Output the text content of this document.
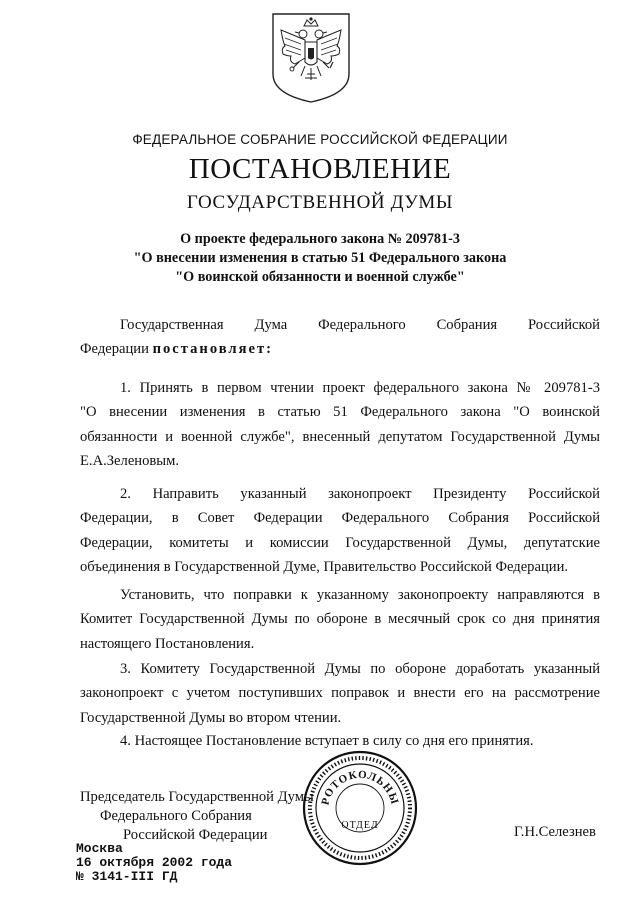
ФЕДЕРАЛЬНОЕ СОБРАНИЕ РОССИЙСКОЙ ФЕДЕРАЦИИ
ПОСТАНОВЛЕНИЕ
ГОСУДАРСТВЕННОЙ ДУМЫ
О проекте федерального закона № 209781-3
"О внесении изменения в статью 51 Федерального закона
"О воинской обязанности и военной службе"
Государственная Дума Федерального Собрания Российской
Федерации постановляет:
1. Принять в первом чтении проект федерального закона № 209781-3
"О внесении изменения в статью 51 Федерального закона "О воинской
обязанности и военной службе", внесенный депутатом Государственной Думы
Е.А.Зеленовым.
2. Направить указанный законопроект Президенту Российской
Федерации, в Совет Федерации Федерального Собрания Российской
Федерации, комитеты и комиссии Государственной Думы, депутатские
объединения в Государственной Думе, Правительство Российской Федерации.
Установить, что поправки к указанному законопроекту направляются в
Комитет Государственной Думы по обороне в месячный срок со дня принятия
настоящего Постановления.
3. Комитету Государственной Думы по обороне доработать указанный
законопроект с учетом поступивших поправок и внести его на рассмотрение
Государственной Думы во втором чтении.
4. Настоящее Постановление вступает в силу со дня его принятия.
Председатель Государственной Думы
Федерального Собрания
Российской Федерации	Г.Н.Селезнев
Москва
16 октября 2002 года
№ 3141-III ГД
РОТОКОЛЬНЫ
ОТДЕЛ
